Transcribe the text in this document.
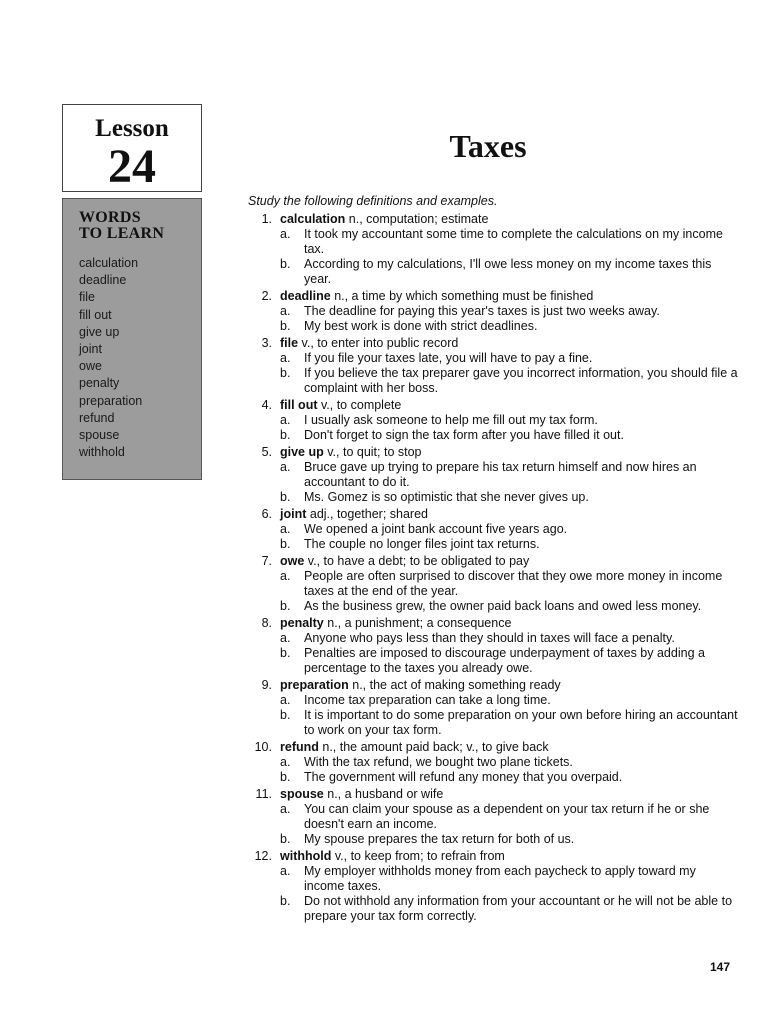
Lesson
24
WORDS
TO LEARN
calculation
deadline
file
fill out
give up
joint
owe
penalty
preparation
refund
spouse
withhold
Taxes
Study the following definitions and examples.
1. calculation n., computation; estimate
a. It took my accountant some time to complete the calculations on my income tax.
b. According to my calculations, I'll owe less money on my income taxes this year.
2. deadline n., a time by which something must be finished
a. The deadline for paying this year's taxes is just two weeks away.
b. My best work is done with strict deadlines.
3. file v., to enter into public record
a. If you file your taxes late, you will have to pay a fine.
b. If you believe the tax preparer gave you incorrect information, you should file a complaint with her boss.
4. fill out v., to complete
a. I usually ask someone to help me fill out my tax form.
b. Don't forget to sign the tax form after you have filled it out.
5. give up v., to quit; to stop
a. Bruce gave up trying to prepare his tax return himself and now hires an accountant to do it.
b. Ms. Gomez is so optimistic that she never gives up.
6. joint adj., together; shared
a. We opened a joint bank account five years ago.
b. The couple no longer files joint tax returns.
7. owe v., to have a debt; to be obligated to pay
a. People are often surprised to discover that they owe more money in income taxes at the end of the year.
b. As the business grew, the owner paid back loans and owed less money.
8. penalty n., a punishment; a consequence
a. Anyone who pays less than they should in taxes will face a penalty.
b. Penalties are imposed to discourage underpayment of taxes by adding a percentage to the taxes you already owe.
9. preparation n., the act of making something ready
a. Income tax preparation can take a long time.
b. It is important to do some preparation on your own before hiring an accountant to work on your tax form.
10. refund n., the amount paid back; v., to give back
a. With the tax refund, we bought two plane tickets.
b. The government will refund any money that you overpaid.
11. spouse n., a husband or wife
a. You can claim your spouse as a dependent on your tax return if he or she doesn't earn an income.
b. My spouse prepares the tax return for both of us.
12. withhold v., to keep from; to refrain from
a. My employer withholds money from each paycheck to apply toward my income taxes.
b. Do not withhold any information from your accountant or he will not be able to prepare your tax form correctly.
147
